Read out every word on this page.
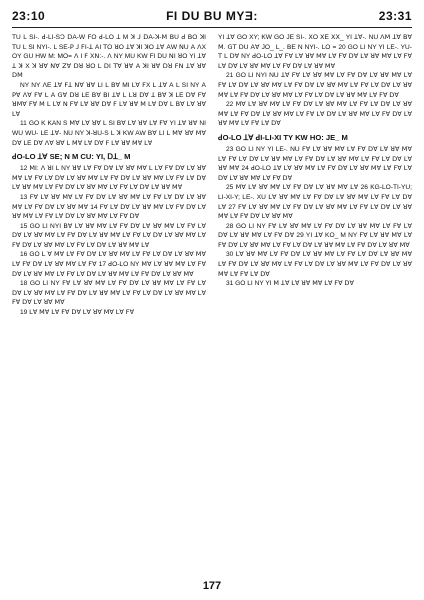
23:10	FI DU BU MYƎ:	23:31

TU L SI-. ꓒ-LI-SƆ ꓓA-W ꓝO ꓒ-LO ꓕ M ꓘ ꓙ ꓓA-ꓘ-ꓟ ꓐU ꓒ ꓐO ꓘI ꓔU ꓡ SI NYI-. L SE-ꓑ ꓙ ꓝI-ꓕ ꓮI ꓔO ꓤO ꓕꓯ ꓘI ꓘO ꓕꓯ ꓮW ꓠU ꓮ ꓥX OY GU HW M: MO= ꓥ I ꓝ Xꓠ:-. ꓥ NY MU KW FI DU ꓠI ꓤO YI ꓕꓯ ꓕ ꓘ X ꓘ ꓤꓯ ꓠꓯ ꓜꓯ ꓓꓤ ꓤO ꓡ ꓓI ꓔꓯ ꓤꓯ ꓮ ꓘI ꓤꓯ ꓓꓤ ꓝꓠ ꓕꓯ ꓤꓯ ꓓꓟ

NY NY ꓥE ꓕꓯ ꓝꓕ ꓠꓯ ꓤꓯ ꓡI ꓡ ꓐꓯ MI ꓡꓯ ꓝX ꓡ ꓕꓯ ꓮ ꓡ SI NY ꓮ ꓑꓯ ꓥꓯ ꓝꓯ ꓡ ꓮ ꓖꓯ ꓓꓤ ꓡE ꓐꓯ ꓐI ꓕꓯ ꓡ ꓡꓤ ꓓꓯ ꓕ ꓐꓯ ꓘ ꓡE ꓓꓯ ꓝꓯ ꓤꓟꓯ ꓝꓯ ꓟ ꓡ ꓡꓯ ꓠ ꓝꓯ ꓡꓯ ꓤꓯ ꓓꓯ ꓝ ꓡꓯ ꓤꓯ ꓟ ꓡꓯ ꓓꓯ ꓡ ꓐꓯ ꓡꓯ ꓤꓯ ꓡꓯ

11 GO K KAN S ꓟꓯ ꓡꓯ ꓤꓯ ꓡ SI ꓐꓯ ꓡꓯ ꓤꓯ ꓡꓯ ꓝꓯ YI ꓕꓯ ꓤꓯ NI WU WU- ꓡE ꓕꓯ- NU NY ꓘ-ꓤU-S ꓡ ꓘ KW AW ꓐꓯ ꓡI ꓡ ꓟꓯ ꓤꓯ ꓟꓯ ꓓꓯ ꓡE ꓓꓯ ꓥꓯ ꓤꓯ ꓡ ꓟꓯ ꓡꓯ ꓓꓯ ꓝ ꓡꓯ ꓤꓯ ꓟꓯ ꓡꓯ

ꓒO-LO ꓕꓯ SE; N M CU: YI, ꓓꓕ_ M

12 ꓟI: ꓥ ꓤI L NY ꓤꓯ ꓡꓯ ꓝꓯ ꓓꓯ ꓡꓯ ꓤꓯ ꓟꓯ ꓡ ꓡꓯ ꓝꓯ ꓓꓯ ꓡꓯ ꓤꓯ ꓟꓯ ꓡꓯ ꓝꓯ ꓡꓯ ꓓꓯ ꓡꓯ ꓤꓯ ꓟꓯ ꓡꓯ ꓝꓯ ꓓꓯ ꓡꓯ ꓤꓯ ꓟꓯ ꓡꓯ ꓝꓯ ꓡꓯ ꓓꓯ ꓡꓯ ꓤꓯ ꓟꓯ ꓡꓯ ꓝꓯ ꓓꓯ ꓡꓯ ꓤꓯ ꓟꓯ ꓡꓯ ꓝꓯ ꓡꓯ ꓓꓯ ꓡꓯ ꓤꓯ ꓟꓯ

13 ꓝꓯ ꓡꓯ ꓤꓯ ꓟꓯ ꓡꓯ ꓝꓯ ꓓꓯ ꓡꓯ ꓤꓯ ꓟꓯ ꓡꓯ ꓝꓯ ꓡꓯ ꓓꓯ ꓡꓯ ꓤꓯ ꓟꓯ ꓡꓯ ꓝꓯ ꓓꓯ ꓡꓯ ꓤꓯ ꓟꓯ 14 ꓝꓯ ꓡꓯ ꓓꓯ ꓡꓯ ꓤꓯ ꓟꓯ ꓡꓯ ꓝꓯ ꓓꓯ ꓡꓯ ꓤꓯ ꓟꓯ ꓡꓯ ꓝꓯ ꓡꓯ ꓓꓯ ꓡꓯ ꓤꓯ ꓟꓯ ꓡꓯ ꓝꓯ ꓓꓯ

15 GO LI NYI ꓐꓯ ꓡꓯ ꓤꓯ ꓟꓯ ꓡꓯ ꓝꓯ ꓓꓯ ꓡꓯ ꓤꓯ ꓟꓯ ꓡꓯ ꓝꓯ ꓡꓯ ꓓꓯ ꓡꓯ ꓤꓯ ꓟꓯ ꓡꓯ ꓝꓯ ꓓꓯ ꓡꓯ ꓤꓯ ꓟꓯ ꓡꓯ ꓝꓯ ꓡꓯ ꓓꓯ ꓡꓯ ꓤꓯ ꓟꓯ ꓡꓯ ꓝꓯ ꓓꓯ ꓡꓯ ꓤꓯ ꓟꓯ ꓡꓯ ꓝꓯ ꓡꓯ ꓓꓯ ꓡꓯ ꓤꓯ ꓟꓯ ꓡꓯ

16 GO ꓡ ꓯ ꓟꓯ ꓡꓯ ꓝꓯ ꓓꓯ ꓡꓯ ꓤꓯ ꓟꓯ ꓡꓯ ꓝꓯ ꓡꓯ ꓓꓯ ꓡꓯ ꓤꓯ ꓟꓯ ꓡꓯ ꓝꓯ ꓓꓯ ꓡꓯ ꓤꓯ ꓟꓯ ꓡꓯ ꓝꓯ 17 ꓒO-LO NY ꓟꓯ ꓡꓯ ꓤꓯ ꓟꓯ ꓡꓯ ꓝꓯ ꓓꓯ ꓡꓯ ꓤꓯ ꓟꓯ ꓡꓯ ꓝꓯ ꓡꓯ ꓓꓯ ꓡꓯ ꓤꓯ ꓟꓯ ꓡꓯ ꓝꓯ ꓓꓯ ꓡꓯ ꓤꓯ ꓟꓯ

18 GO LI NY ꓝꓯ ꓡꓯ ꓤꓯ ꓟꓯ ꓡꓯ ꓝꓯ ꓓꓯ ꓡꓯ ꓤꓯ ꓟꓯ ꓡꓯ ꓝꓯ ꓡꓯ ꓓꓯ ꓡꓯ ꓤꓯ ꓟꓯ ꓡꓯ ꓝꓯ ꓓꓯ ꓡꓯ ꓤꓯ ꓟꓯ ꓡꓯ ꓝꓯ ꓡꓯ ꓓꓯ ꓡꓯ ꓤꓯ ꓟꓯ ꓡꓯ ꓝꓯ ꓓꓯ ꓡꓯ ꓤꓯ ꓟꓯ

19 ꓡꓯ ꓟꓯ ꓡꓯ ꓝꓯ ꓓꓯ ꓡꓯ ꓤꓯ ꓟꓯ ꓡꓯ ꓝꓯ

YI ꓕꓯ GO XY; KW GO JE SI-. ꓫO ꓫE ꓫꓫ_ YI ꓕꓯ-. NU ꓥꓟ ꓕꓯ ꓐꓯ ꓟ. ꓖꓔ ꓓU ꓮꓯ JO_ ꓡ_. ꓐE N NYI-. ꓡO = 20 GO LI NY YI LE-. YU-ꓔ ꓡ ꓓꓯ NY ꓒO-LO ꓕꓯ ꓝꓯ ꓡꓯ ꓤꓯ ꓟꓯ ꓡꓯ ꓝꓯ ꓓꓯ ꓡꓯ ꓤꓯ ꓟꓯ ꓡꓯ ꓝꓯ ꓡꓯ ꓓꓯ ꓡꓯ ꓤꓯ ꓟꓯ ꓡꓯ ꓝꓯ ꓓꓯ ꓡꓯ ꓤꓯ ꓟꓯ

21 GO LI NYI NU ꓕꓯ ꓝꓯ ꓡꓯ ꓤꓯ ꓟꓯ ꓡꓯ ꓝꓯ ꓓꓯ ꓡꓯ ꓤꓯ ꓟꓯ ꓡꓯ ꓝꓯ ꓡꓯ ꓓꓯ ꓡꓯ ꓤꓯ ꓟꓯ ꓡꓯ ꓝꓯ ꓓꓯ ꓡꓯ ꓤꓯ ꓟꓯ ꓡꓯ ꓝꓯ ꓡꓯ ꓓꓯ ꓡꓯ ꓤꓯ ꓟꓯ ꓡꓯ ꓝꓯ ꓓꓯ ꓡꓯ ꓤꓯ ꓟꓯ ꓡꓯ ꓝꓯ ꓡꓯ ꓓꓯ ꓡꓯ ꓤꓯ ꓟꓯ ꓡꓯ ꓝꓯ ꓓꓯ

22 ꓟꓯ ꓡꓯ ꓤꓯ ꓟꓯ ꓡꓯ ꓝꓯ ꓓꓯ ꓡꓯ ꓤꓯ ꓟꓯ ꓡꓯ ꓝꓯ ꓡꓯ ꓓꓯ ꓡꓯ ꓤꓯ ꓟꓯ ꓡꓯ ꓝꓯ ꓓꓯ ꓡꓯ ꓤꓯ ꓟꓯ ꓡꓯ ꓝꓯ ꓡꓯ ꓓꓯ ꓡꓯ ꓤꓯ ꓟꓯ ꓡꓯ ꓝꓯ ꓓꓯ ꓡꓯ ꓤꓯ ꓟꓯ ꓡꓯ ꓝꓯ ꓡꓯ ꓓꓯ

ꓒO-LO ꓕꓯ ꓒI-LI-XI TY KW HO: JE_ M

23 GO LI NY YI LE-. NU ꓝꓯ ꓡꓯ ꓤꓯ ꓟꓯ ꓡꓯ ꓝꓯ ꓓꓯ ꓡꓯ ꓤꓯ ꓟꓯ ꓡꓯ ꓝꓯ ꓡꓯ ꓓꓯ ꓡꓯ ꓤꓯ ꓟꓯ ꓡꓯ ꓝꓯ ꓓꓯ ꓡꓯ ꓤꓯ ꓟꓯ ꓡꓯ ꓝꓯ ꓡꓯ ꓓꓯ ꓡꓯ ꓤꓯ ꓟꓯ 24 ꓒO-LO ꓕꓯ ꓡꓯ ꓤꓯ ꓟꓯ ꓡꓯ ꓝꓯ ꓓꓯ ꓡꓯ ꓤꓯ ꓟꓯ ꓡꓯ ꓝꓯ ꓡꓯ ꓓꓯ ꓡꓯ ꓤꓯ ꓟꓯ ꓡꓯ ꓝꓯ ꓓꓯ

25 ꓟꓯ ꓡꓯ ꓤꓯ ꓟꓯ ꓡꓯ ꓝꓯ ꓓꓯ ꓡꓯ ꓤꓯ ꓟꓯ ꓡꓯ 26 KG-LO-TI-YU; LI-XI-Y; LE-. XU ꓡꓯ ꓤꓯ ꓟꓯ ꓡꓯ ꓝꓯ ꓓꓯ ꓡꓯ ꓤꓯ ꓟꓯ ꓡꓯ ꓝꓯ ꓡꓯ ꓓꓯ ꓡꓯ 27 ꓝꓯ ꓡꓯ ꓤꓯ ꓟꓯ ꓡꓯ ꓝꓯ ꓓꓯ ꓡꓯ ꓤꓯ ꓟꓯ ꓡꓯ ꓝꓯ ꓡꓯ ꓓꓯ ꓡꓯ ꓤꓯ ꓟꓯ ꓡꓯ ꓝꓯ ꓓꓯ ꓡꓯ ꓤꓯ ꓟꓯ

28 GO LI NY ꓝꓯ ꓡꓯ ꓤꓯ ꓟꓯ ꓡꓯ ꓝꓯ ꓓꓯ ꓡꓯ ꓤꓯ ꓟꓯ ꓡꓯ ꓝꓯ ꓡꓯ ꓓꓯ ꓡꓯ ꓤꓯ ꓟꓯ ꓡꓯ ꓝꓯ ꓓꓯ 29 YI ꓕꓯ KO_ M NY ꓝꓯ ꓡꓯ ꓤꓯ ꓟꓯ ꓡꓯ ꓝꓯ ꓓꓯ ꓡꓯ ꓤꓯ ꓟꓯ ꓡꓯ ꓝꓯ ꓡꓯ ꓓꓯ ꓡꓯ ꓤꓯ ꓟꓯ ꓡꓯ ꓝꓯ ꓓꓯ ꓡꓯ ꓤꓯ ꓟꓯ

30 ꓡꓯ ꓤꓯ ꓟꓯ ꓡꓯ ꓝꓯ ꓓꓯ ꓡꓯ ꓤꓯ ꓟꓯ ꓡꓯ ꓝꓯ ꓡꓯ ꓓꓯ ꓡꓯ ꓤꓯ ꓟꓯ ꓡꓯ ꓝꓯ ꓓꓯ ꓡꓯ ꓤꓯ ꓟꓯ ꓡꓯ ꓝꓯ ꓡꓯ ꓓꓯ ꓡꓯ ꓤꓯ ꓟꓯ ꓡꓯ ꓝꓯ ꓓꓯ ꓡꓯ ꓤꓯ ꓟꓯ ꓡꓯ ꓝꓯ ꓡꓯ ꓓꓯ

31 GO LI NY YI ꓟ ꓕꓯ ꓡꓯ ꓤꓯ ꓟꓯ ꓡꓯ ꓝꓯ ꓓꓯ

177
